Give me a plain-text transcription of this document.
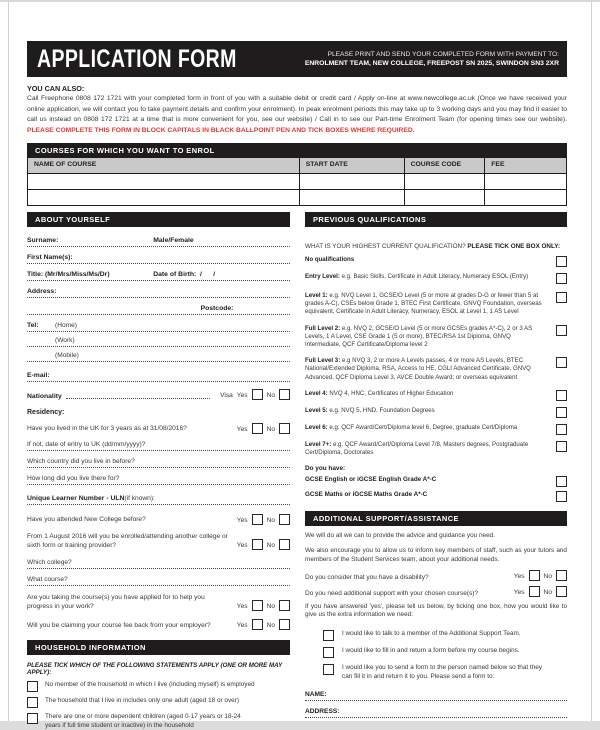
APPLICATION FORM	PLEASE PRINT AND SEND YOUR COMPLETED FORM WITH PAYMENT TO:
ENROLMENT TEAM, NEW COLLEGE, FREEPOST SN 2025, SWINDON SN3 2XR
YOU CAN ALSO:
Call Freephone 0808 172 1721 with your completed form in front of you with a suitable debit or credit card / Apply on-line at www.newcollege.ac.uk (Once we have received your online application, we will contact you to take payment details and confirm your enrolment). In peak enrolment periods this may take up to 3 working days and you may find it easier to call us instead on 0808 172 1721 at a time that is more convenient for you, see our website) / Call in to see our Part-time Enrolment Team (for opening times see our website). PLEASE COMPLETE THIS FORM IN BLOCK CAPITALS IN BLACK BALLPOINT PEN AND TICK BOXES WHERE REQUIRED.
COURSES FOR WHICH YOU WANT TO ENROL
NAME OF COURSE	START DATE	COURSE CODE	FEE
ABOUT YOURSELF
Surname:	Male/Female
First Name(s):
Title: (Mr/Mrs/Miss/Ms/Dr)	Date of Birth:  /      /
Address:

Postcode:
Tel:	(Home)

(Work)

(Mobile)
E-mail:
Nationality	Visa Yes	No
Residency:
Have you lived in the UK for 3 years as at 31/08/2016?	Yes	No
If not, date of entry to UK (dd/mm/yyyy)?
Which country did you live in before?
How long did you live there for?
Unique Learner Number - ULN (if known):
Have you attended New College before?	Yes	No
From 1 August 2016 will you be enrolled/attending another college or sixth form or training provider?	Yes	No
Which college?
What course?
Are you taking the course(s) you have applied for to help you progress in your work?	Yes	No
Will you be claiming your course fee back from your employer?	Yes	No
HOUSEHOLD INFORMATION
PLEASE TICK WHICH OF THE FOLLOWING STATEMENTS APPLY (ONE OR MORE MAY APPLY):
No member of the household in which I live (including myself) is employed
The household that I live in includes only one adult (aged 18 or over)
There are one or more dependent children (aged 0-17 years or 18-24 years if full time student or inactive) in the household
PREVIOUS QUALIFICATIONS
WHAT IS YOUR HIGHEST CURRENT QUALIFICATION? PLEASE TICK ONE BOX ONLY:
No qualifications
Entry Level: e.g. Basic Skills, Certificate in Adult Literacy, Numeracy ESOL (Entry)
Level 1: e.g. NVQ Level 1, GCSE/O Level (5 or more at grades D-G or fewer than 5 at grades A-C), CSEs below Grade 1, BTEC First Certificate, GNVQ Foundation, overseas equivalent, Certificate in Adult Literacy, Numeracy, ESOL at Level 1, 1 AS Level
Full Level 2: e.g. NVQ 2, GCSE/O Level (5 or more GCSEs grades A*-C), 2 or 3 AS Levels, 1 A Level, CSE Grade 1 (5 or more), BTEC/RSA 1st Diploma, GNVQ Intermediate, QCF Certificate/Diploma level 2
Full Level 3: e.g NVQ 3, 2 or more A Levels passes, 4 or more AS Levels, BTEC National/Extended Diploma, RSA, Access to HE, CGLI Advanced Certificate, GNVQ Advanced, QCF Diploma Level 3, AVCE Double Award; or overseas equivalent
Level 4: NVQ 4, HNC, Certificates of Higher Education
Level 5: e.g. NVQ 5, HND, Foundation Degrees
Level 6: e.g. QCF Award/Cert/Diploma level 6, Degree, graduate Cert/Diploma
Level 7+: e.g. QCF Award/Cert/Diploma Level 7/8, Masters degrees, Postgraduate Cert/Diploma, Doctorates
Do you have:
GCSE English or iGCSE English Grade A*-C
GCSE Maths or iGCSE Maths Grade A*-C
ADDITIONAL SUPPORT/ASSISTANCE
We will do all we can to provide the advice and guidance you need.
We also encourage you to allow us to inform key members of staff, such as your tutors and members of the Student Services team, about your additional needs.
Do you consider that you have a disability?	Yes	No
Do you need additional support with your chosen course(s)?	Yes	No
If you have answered 'yes', please tell us below, by ticking one box, how you would like to give us the extra information we need:
I would like to talk to a member of the Additional Support Team.
I would like to fill in and return a form before my course begins.
I would like you to send a form to the person named below so that they can fill it in and return it to you. Please send a form to:
NAME:
ADDRESS:
